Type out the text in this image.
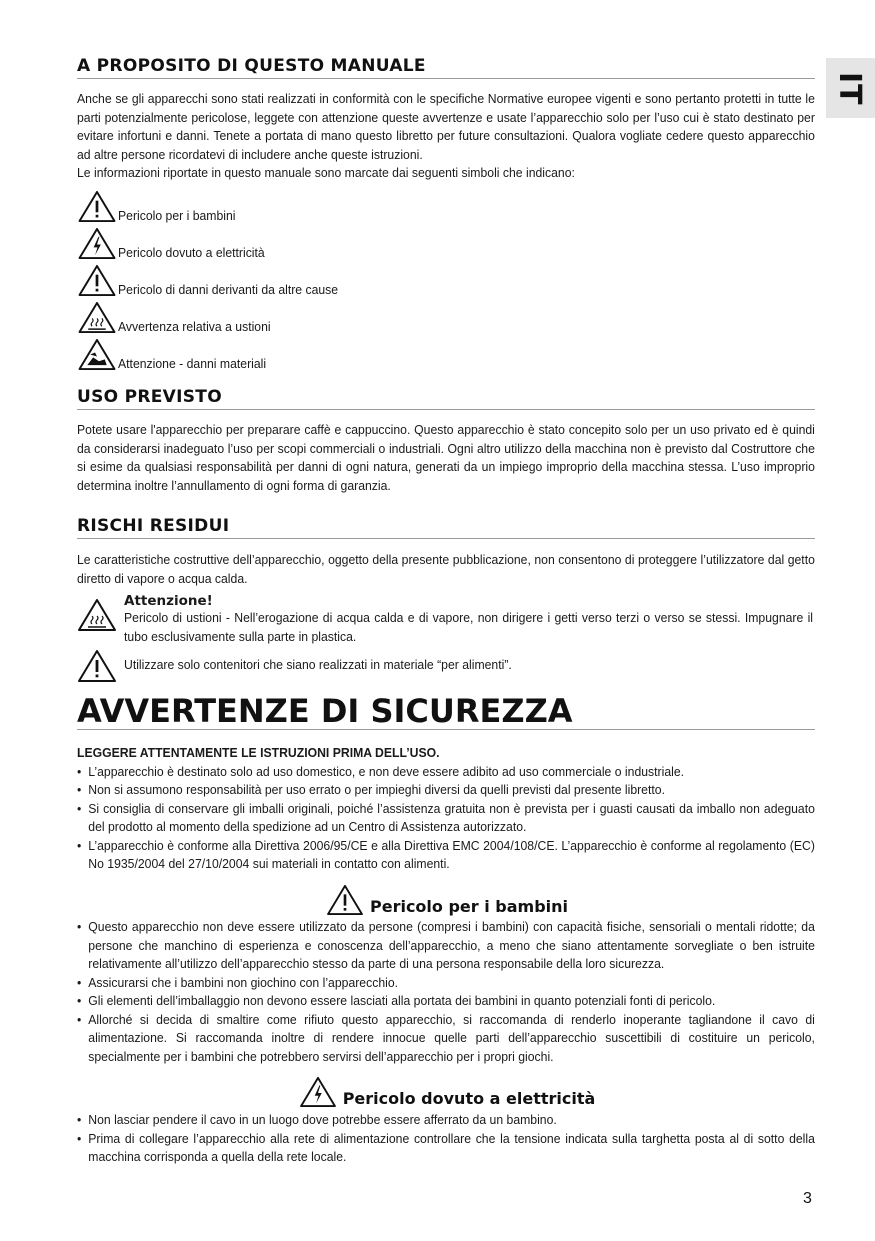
IT
A PROPOSITO DI QUESTO MANUALE

Anche se gli apparecchi sono stati realizzati in conformità con le specifiche Normative europee vigenti e sono pertanto protetti in tutte le parti potenzialmente pericolose, leggete con attenzione queste avvertenze e usate l’apparecchio solo per l’uso cui è stato destinato per evitare infortuni e danni. Tenete a portata di mano questo libretto per future consultazioni. Qualora vogliate cedere questo apparecchio ad altre persone ricordatevi di includere anche queste istruzioni.

Le informazioni riportate in questo manuale sono marcate dai seguenti simboli che indicano:

Pericolo per i bambini
Pericolo dovuto a elettricità
Pericolo di danni derivanti da altre cause
Avvertenza relativa a ustioni
Attenzione - danni materiali
USO PREVISTO

Potete usare l'apparecchio per preparare caffè e cappuccino. Questo apparecchio è stato concepito solo per un uso privato ed è quindi da considerarsi inadeguato l’uso per scopi commerciali o industriali. Ogni altro utilizzo della macchina non è previsto dal Costruttore che si esime da qualsiasi responsabilità per danni di ogni natura, generati da un impiego improprio della macchina stessa. L’uso improprio determina inoltre l’annullamento di ogni forma di garanzia.

RISCHI RESIDUI

Le caratteristiche costruttive dell’apparecchio, oggetto della presente pubblicazione, non consentono di proteggere l’utilizzatore dal getto diretto di vapore o acqua calda.

Attenzione!
Pericolo di ustioni - Nell’erogazione di acqua calda e di vapore, non dirigere i getti verso terzi o verso se stessi. Impugnare il tubo esclusivamente sulla parte in plastica.
Utilizzare solo contenitori che siano realizzati in materiale “per alimenti”.
AVVERTENZE DI SICUREZZA

LEGGERE ATTENTAMENTE LE ISTRUZIONI PRIMA DELL’USO.

• L’apparecchio è destinato solo ad uso domestico, e non deve essere adibito ad uso commerciale o industriale.
• Non si assumono responsabilità per uso errato o per impieghi diversi da quelli previsti dal presente libretto.
• Si consiglia di conservare gli imballi originali, poiché l’assistenza gratuita non è prevista per i guasti causati da imballo non adeguato del prodotto al momento della spedizione ad un Centro di Assistenza autorizzato.
• L’apparecchio è conforme alla Direttiva 2006/95/CE e alla Direttiva EMC 2004/108/CE. L’apparecchio è conforme al regolamento (EC) No 1935/2004 del 27/10/2004 sui materiali in contatto con alimenti.
Pericolo per i bambini
• Questo apparecchio non deve essere utilizzato da persone (compresi i bambini) con capacità fisiche, sensoriali o mentali ridotte; da persone che manchino di esperienza e conoscenza dell’apparecchio, a meno che siano attentamente sorvegliate o ben istruite relativamente all’utilizzo dell’apparecchio stesso da parte di una persona responsabile della loro sicurezza.
• Assicurarsi che i bambini non giochino con l’apparecchio.
• Gli elementi dell’imballaggio non devono essere lasciati alla portata dei bambini in quanto potenziali fonti di pericolo.
• Allorché si decida di smaltire come rifiuto questo apparecchio, si raccomanda di renderlo inoperante tagliandone il cavo di alimentazione. Si raccomanda inoltre di rendere innocue quelle parti dell’apparecchio suscettibili di costituire un pericolo, specialmente per i bambini che potrebbero servirsi dell’apparecchio per i propri giochi.
Pericolo dovuto a elettricità
• Non lasciar pendere il cavo in un luogo dove potrebbe essere afferrato da un bambino.
• Prima di collegare l’apparecchio alla rete di alimentazione controllare che la tensione indicata sulla targhetta posta al di sotto della macchina corrisponda a quella della rete locale.
3
